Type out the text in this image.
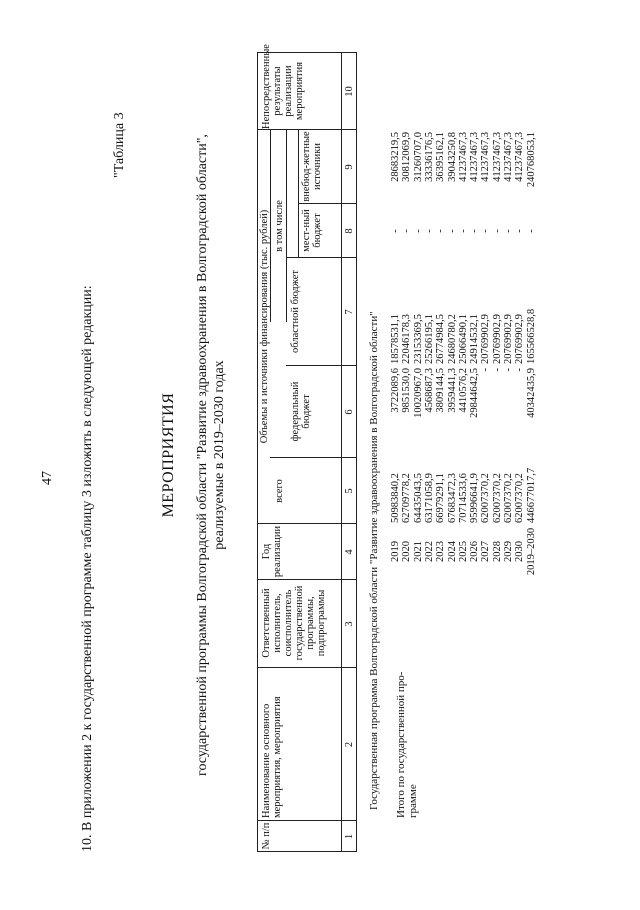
47 10. В приложении 2 к государственной программе таблицу 3 изложить в следующей редакции:
"Таблица 3
МЕРОПРИЯТИЯ государственной программы Волгоградской области "Развитие здравоохранения в Волгоградской области", реализуемые в 2019–2030 годах
№ п/п
Наименование основного мероприятия, мероприятия
Ответственный исполнитель, соисполнитель государственной программы, подпрограммы
Год реализации
Объемы и источники финансирования (тыс. рублей)
всего
в том числе
федеральный бюджет
областной бюджет
мест-ный бюджет
внебюд-жетные источники
Непосредственные результаты реализации мероприятия
1
2
3
4
5
6
7
8
9
10
Государственная программа Волгоградской области "Развитие здравоохранения в Волгоградской области" Итого по государственной про- грамме
2019
50983840,2
3722089,6
18578531,1
-
28683219,5
2020
62709778,2
9851530,0
22046178,3
-
30812069,9
2021
64435043,5
10020967,0
23153369,5
-
31260707,0
2022
63171058,9
4568687,3
25266195,1
-
33336176,5
2023
66979291,1
3809144,5
26774984,5
-
36395162,1
2024
67683472,3
3959441,3
24680780,2
-
39043250,8
2025
70714533,6
4410576,2
25066490,1
-
41237467,3
2026
95996641,9
29844642,5
24914532,1
-
41237467,3
2027
62007370,2
-
20769902,9
-
41237467,3
2028
62007370,2
-
20769902,9
-
41237467,3
2029
62007370,2
-
20769902,9
-
41237467,3
2030
62007370,2
-
20769902,9
-
41237467,3
2019–2030
446677017,7
40342435,9
165566528,8
-
240768053,1
